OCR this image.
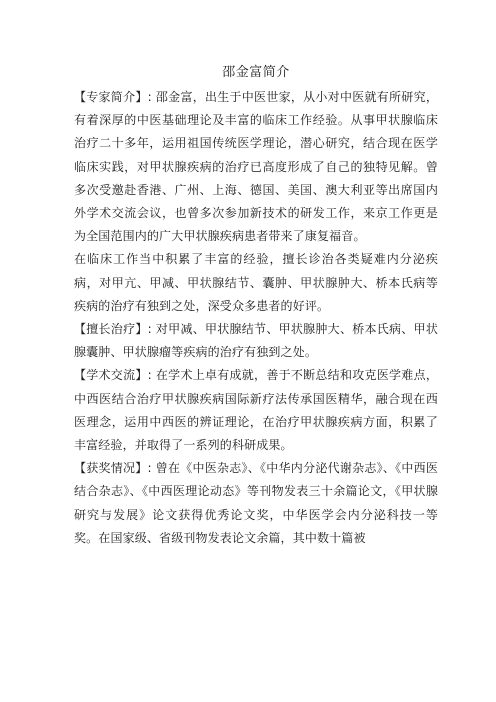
邵金富简介

【专家简介】: 邵金富，出生于中医世家，从小对中医就有所研究，有着深厚的中医基础理论及丰富的临床工作经验。从事甲状腺临床治疗二十多年，运用祖国传统医学理论，潜心研究，结合现在医学临床实践，对甲状腺疾病的治疗已高度形成了自己的独特见解。曾多次受邀赴香港、广州、上海、德国、美国、澳大利亚等出席国内外学术交流会议，也曾多次参加新技术的研发工作，来京工作更是为全国范围内的广大甲状腺疾病患者带来了康复福音。

在临床工作当中积累了丰富的经验，擅长诊治各类疑难内分泌疾病，对甲亢、甲减、甲状腺结节、囊肿、甲状腺肿大、桥本氏病等疾病的治疗有独到之处，深受众多患者的好评。

【擅长治疗】: 对甲减、甲状腺结节、甲状腺肿大、桥本氏病、甲状腺囊肿、甲状腺瘤等疾病的治疗有独到之处。

【学术交流】: 在学术上卓有成就，善于不断总结和攻克医学难点，中西医结合治疗甲状腺疾病国际新疗法传承国医精华，融合现在西医理念，运用中西医的辨证理论，在治疗甲状腺疾病方面，积累了丰富经验，并取得了一系列的科研成果。

【获奖情况】: 曾在《中医杂志》、《中华内分泌代谢杂志》、《中西医结合杂志》、《中西医理论动态》等刊物发表三十余篇论文，《甲状腺研究与发展》论文获得优秀论文奖，中华医学会内分泌科技一等奖。在国家级、省级刊物发表论文余篇，其中数十篇被
